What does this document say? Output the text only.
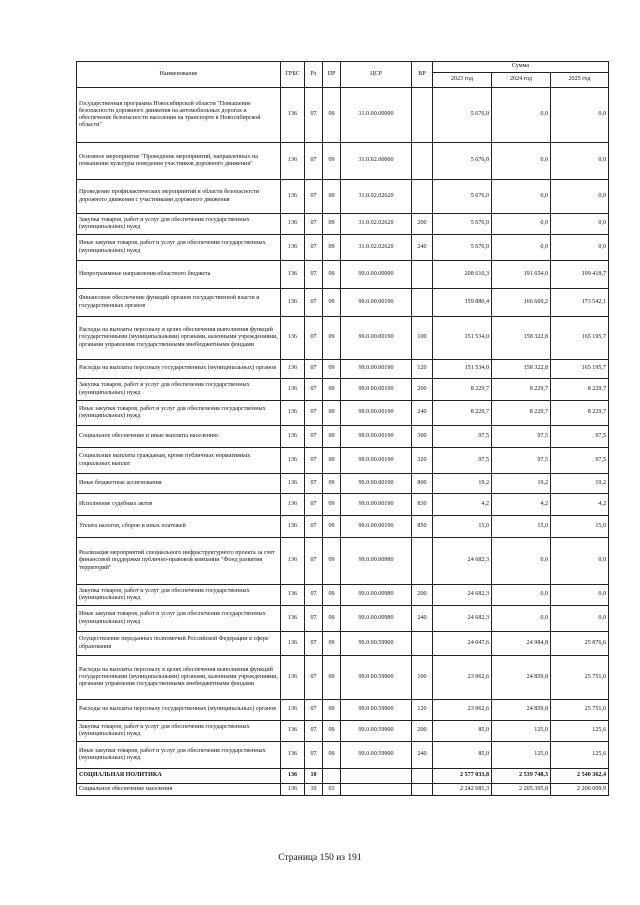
Наименование	ГРБС	Рз	ПР	ЦСР	ВР	Сумма		
						2023 год	2024 год	2025 год
Государственная программа Новосибирской области "Повышение безопасности дорожного движения на автомобильных дорогах и обеспечение безопасности населения на транспорте в Новосибирской области"	136	07	09	31.0.00.00000		5 676,0	0,0	0,0
Основное мероприятие "Проведение мероприятий, направленных на повышение культуры поведения участников дорожного движения"	136	07	09	31.0.02.00000		5 676,0	0,0	0,0
Проведение профилактических мероприятий в области безопасности дорожного движения с участниками дорожного движения	136	07	09	31.0.02.02620		5 676,0	0,0	0,0
Закупка товаров, работ и услуг для обеспечения государственных (муниципальных) нужд	136	07	09	31.0.02.02620	200	5 676,0	0,0	0,0
Иные закупки товаров, работ и услуг для обеспечения государственных (муниципальных) нужд	136	07	09	31.0.02.02620	240	5 676,0	0,0	0,0
Непрограммные направления областного бюджета	136	07	09	99.0.00.00000		208 610,3	191 654,0	199 418,7
Финансовое обеспечение функций органов государственной власти и государственных органов	136	07	09	99.0.00.00190		159 880,4	166 669,2	173 542,1
Расходы на выплаты персоналу в целях обеспечения выполнения функций государственными (муниципальными) органами, казенными учреждениями, органами управления государственными внебюджетными фондами	136	07	09	99.0.00.00190	100	151 534,0	158 322,8	165 195,7
Расходы на выплаты персоналу государственных (муниципальных) органов	136	07	09	99.0.00.00190	120	151 534,0	158 322,8	165 195,7
Закупка товаров, работ и услуг для обеспечения государственных (муниципальных) нужд	136	07	09	99.0.00.00190	200	8 229,7	8 229,7	8 229,7
Иные закупки товаров, работ и услуг для обеспечения государственных (муниципальных) нужд	136	07	09	99.0.00.00190	240	8 229,7	8 229,7	8 229,7
Социальное обеспечение и иные выплаты населению	136	07	09	99.0.00.00190	300	97,5	97,5	97,5
Социальные выплаты гражданам, кроме публичных нормативных социальных выплат	136	07	09	99.0.00.00190	320	97,5	97,5	97,5
Иные бюджетные ассигнования	136	07	09	99.0.00.00190	800	19,2	19,2	19,2
Исполнение судебных актов	136	07	09	99.0.00.00190	830	4,2	4,2	4,2
Уплата налогов, сборов и иных платежей	136	07	09	99.0.00.00190	850	15,0	15,0	15,0
Реализация мероприятий специального инфраструктурного проекта за счет финансовой поддержки публично-правовой компании "Фонд развития территорий"	136	07	09	99.0.00.00980		24 682,3	0,0	0,0
Закупка товаров, работ и услуг для обеспечения государственных (муниципальных) нужд	136	07	09	99.0.00.00980	200	24 682,3	0,0	0,0
Иные закупки товаров, работ и услуг для обеспечения государственных (муниципальных) нужд	136	07	09	99.0.00.00980	240	24 682,3	0,0	0,0
Осуществление переданных полномочий Российской Федерации в сфере образования	136	07	09	99.0.00.59900		24 047,6	24 984,8	25 876,6
Расходы на выплаты персоналу в целях обеспечения выполнения функций государственными (муниципальными) органами, казенными учреждениями, органами управления государственными внебюджетными фондами	136	07	09	99.0.00.59900	100	23 962,6	24 859,8	25 751,0
Расходы на выплаты персоналу государственных (муниципальных) органов	136	07	09	99.0.00.59900	120	23 962,6	24 859,8	25 751,0
Закупка товаров, работ и услуг для обеспечения государственных (муниципальных) нужд	136	07	09	99.0.00.59900	200	85,0	125,0	125,6
Иные закупки товаров, работ и услуг для обеспечения государственных (муниципальных) нужд	136	07	09	99.0.00.59900	240	85,0	125,0	125,6
СОЦИАЛЬНАЯ ПОЛИТИКА	136	10				2 577 033,8	2 539 748,3	2 540 362,4
Социальное обеспечение населения	136	10	03			2 242 681,3	2 205 395,8	2 206 009,9
Страница 150 из 191
